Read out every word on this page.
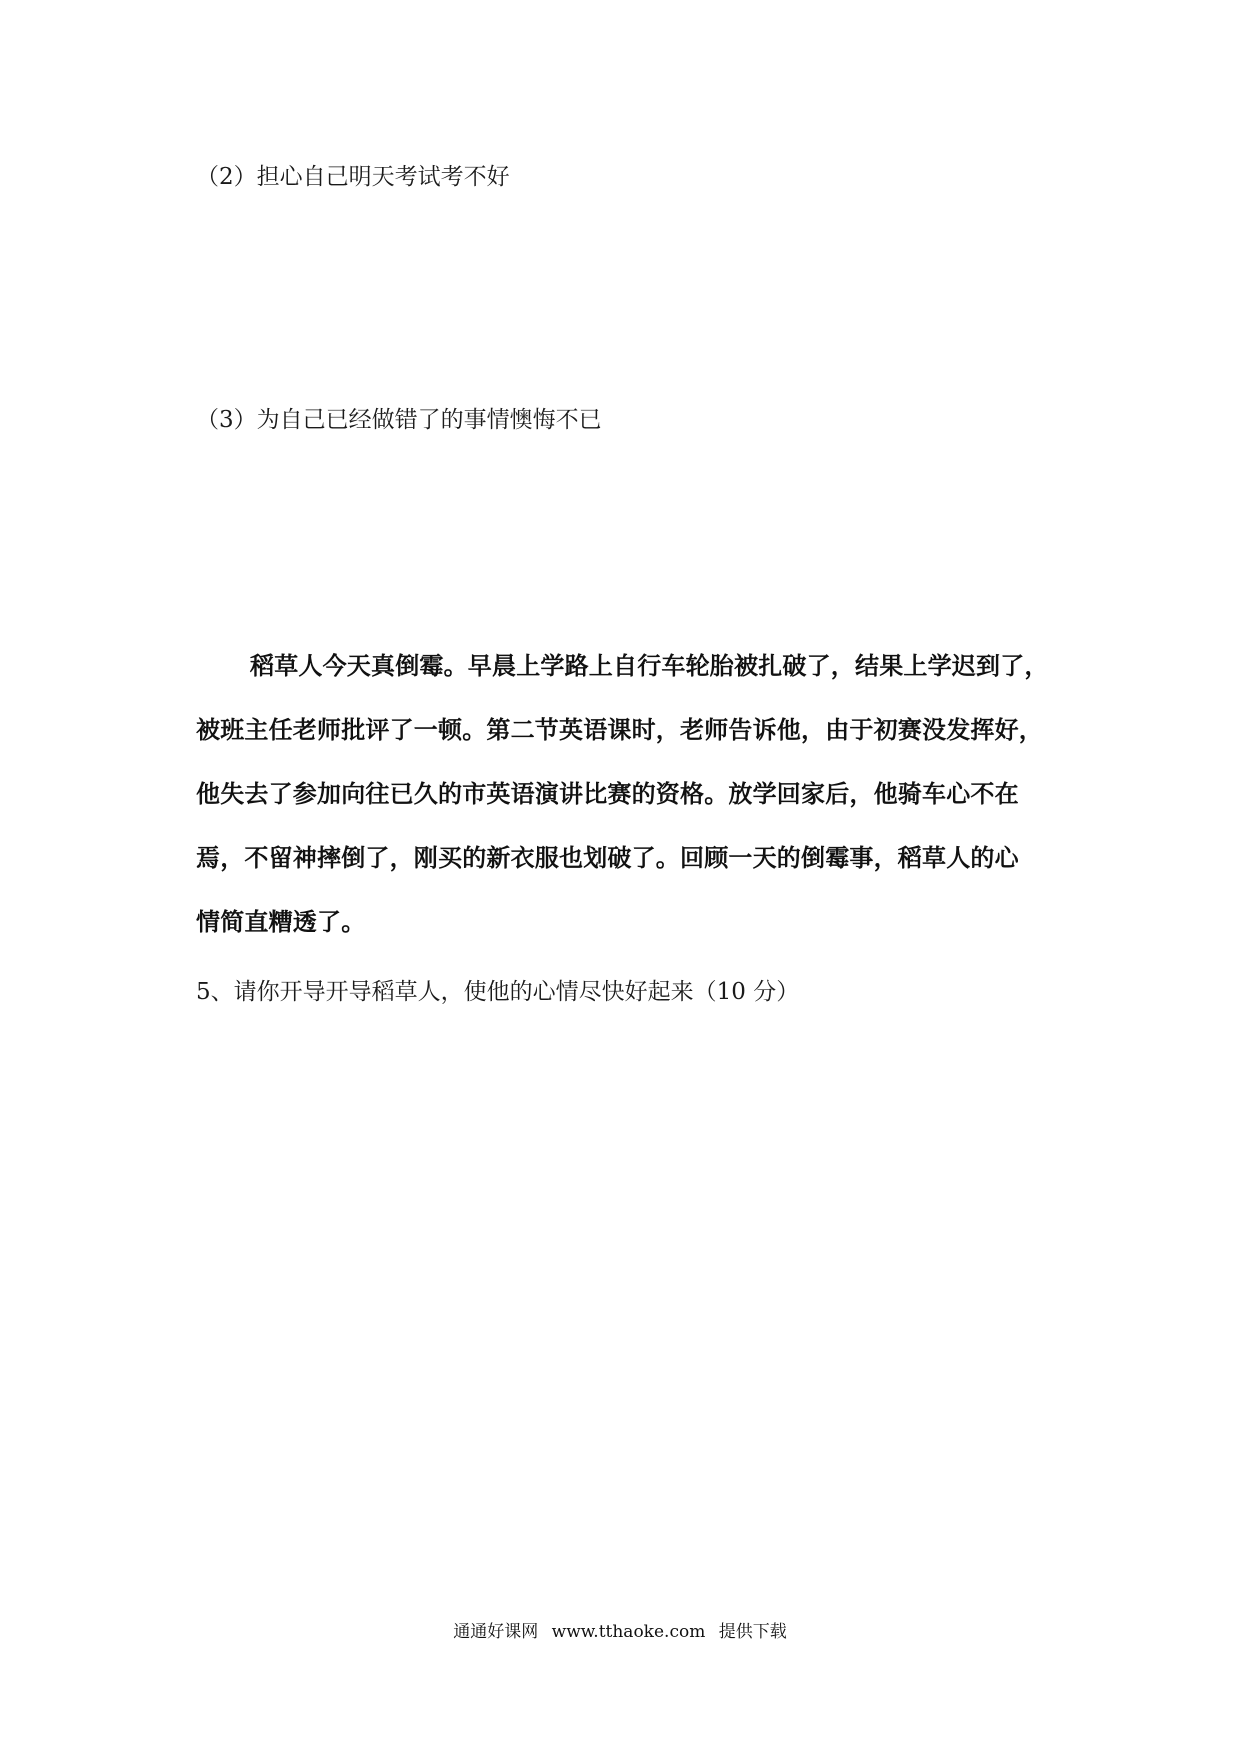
（2）担心自己明天考试考不好
（3）为自己已经做错了的事情懊悔不已
稻草人今天真倒霉。早晨上学路上自行车轮胎被扎破了，结果上学迟到了，
被班主任老师批评了一顿。第二节英语课时，老师告诉他，由于初赛没发挥好，
他失去了参加向往已久的市英语演讲比赛的资格。放学回家后，他骑车心不在
焉，不留神摔倒了，刚买的新衣服也划破了。回顾一天的倒霉事，稻草人的心
情简直糟透了。
5、请你开导开导稻草人，使他的心情尽快好起来（10 分）
通通好课网 www.tthaoke.com 提供下载
